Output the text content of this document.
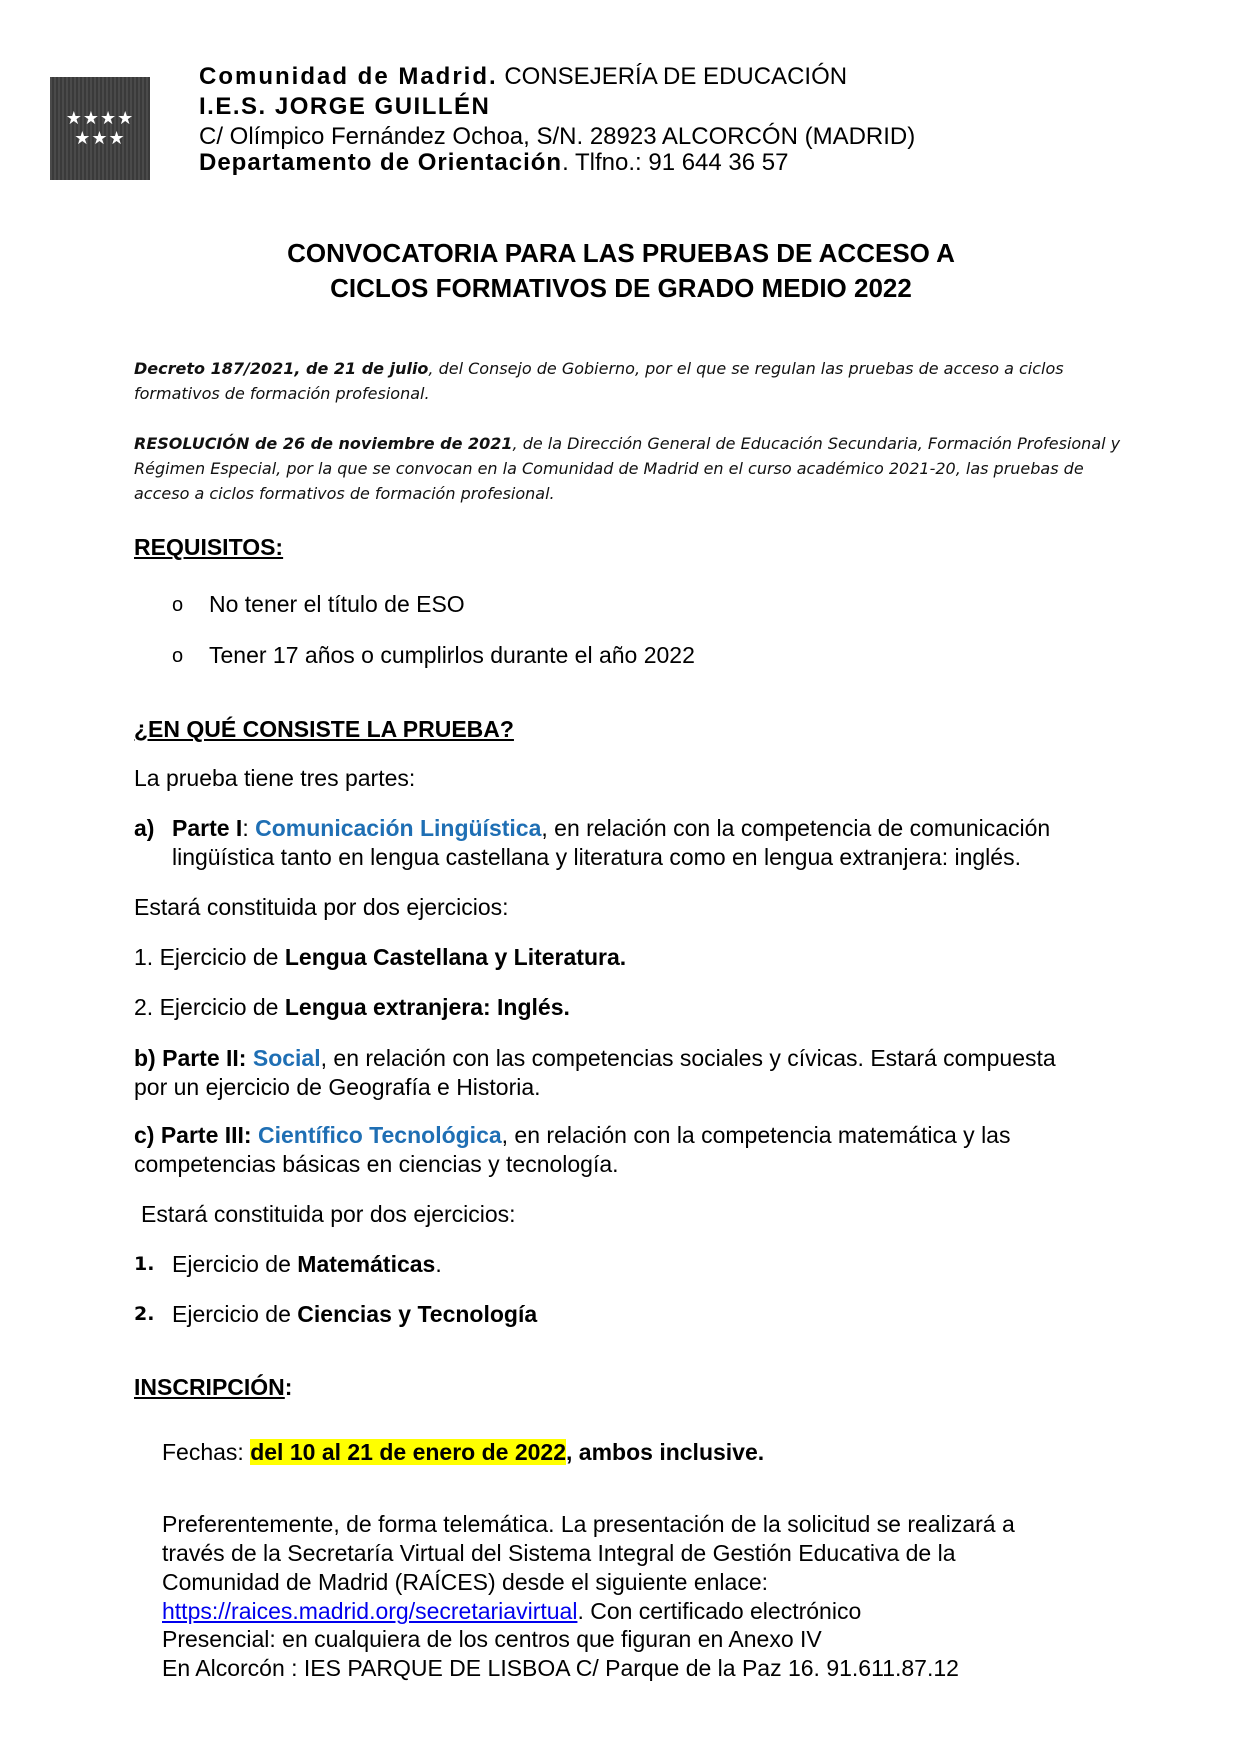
★★★★
★★★
Comunidad de Madrid. CONSEJERÍA DE EDUCACIÓN
I.E.S. JORGE GUILLÉN
C/ Olímpico Fernández Ochoa, S/N. 28923 ALCORCÓN (MADRID)
Departamento de Orientación. Tlfno.: 91 644 36 57
CONVOCATORIA PARA LAS PRUEBAS DE ACCESO A
CICLOS FORMATIVOS DE GRADO MEDIO 2022
Decreto 187/2021, de 21 de julio, del Consejo de Gobierno, por el que se regulan las pruebas de acceso a ciclos
formativos de formación profesional.
RESOLUCIÓN de 26 de noviembre de 2021, de la Dirección General de Educación Secundaria, Formación Profesional y
Régimen Especial, por la que se convocan en la Comunidad de Madrid en el curso académico 2021-20, las pruebas de
acceso a ciclos formativos de formación profesional.
REQUISITOS:
o No tener el título de ESO
o Tener 17 años o cumplirlos durante el año 2022
¿EN QUÉ CONSISTE LA PRUEBA?
La prueba tiene tres partes:
a) Parte I: Comunicación Lingüística, en relación con la competencia de comunicación
lingüística tanto en lengua castellana y literatura como en lengua extranjera: inglés.
Estará constituida por dos ejercicios:
1. Ejercicio de Lengua Castellana y Literatura.
2. Ejercicio de Lengua extranjera: Inglés.
b) Parte II: Social, en relación con las competencias sociales y cívicas. Estará compuesta
por un ejercicio de Geografía e Historia.
c) Parte III: Científico Tecnológica, en relación con la competencia matemática y las
competencias básicas en ciencias y tecnología.
Estará constituida por dos ejercicios:
1. Ejercicio de Matemáticas.
2. Ejercicio de Ciencias y Tecnología
INSCRIPCIÓN:
Fechas: del 10 al 21 de enero de 2022, ambos inclusive.
Preferentemente, de forma telemática. La presentación de la solicitud se realizará a
través de la Secretaría Virtual del Sistema Integral de Gestión Educativa de la
Comunidad de Madrid (RAÍCES) desde el siguiente enlace:
https://raices.madrid.org/secretariavirtual. Con certificado electrónico
Presencial: en cualquiera de los centros que figuran en Anexo IV
En Alcorcón : IES PARQUE DE LISBOA C/ Parque de la Paz 16. 91.611.87.12
